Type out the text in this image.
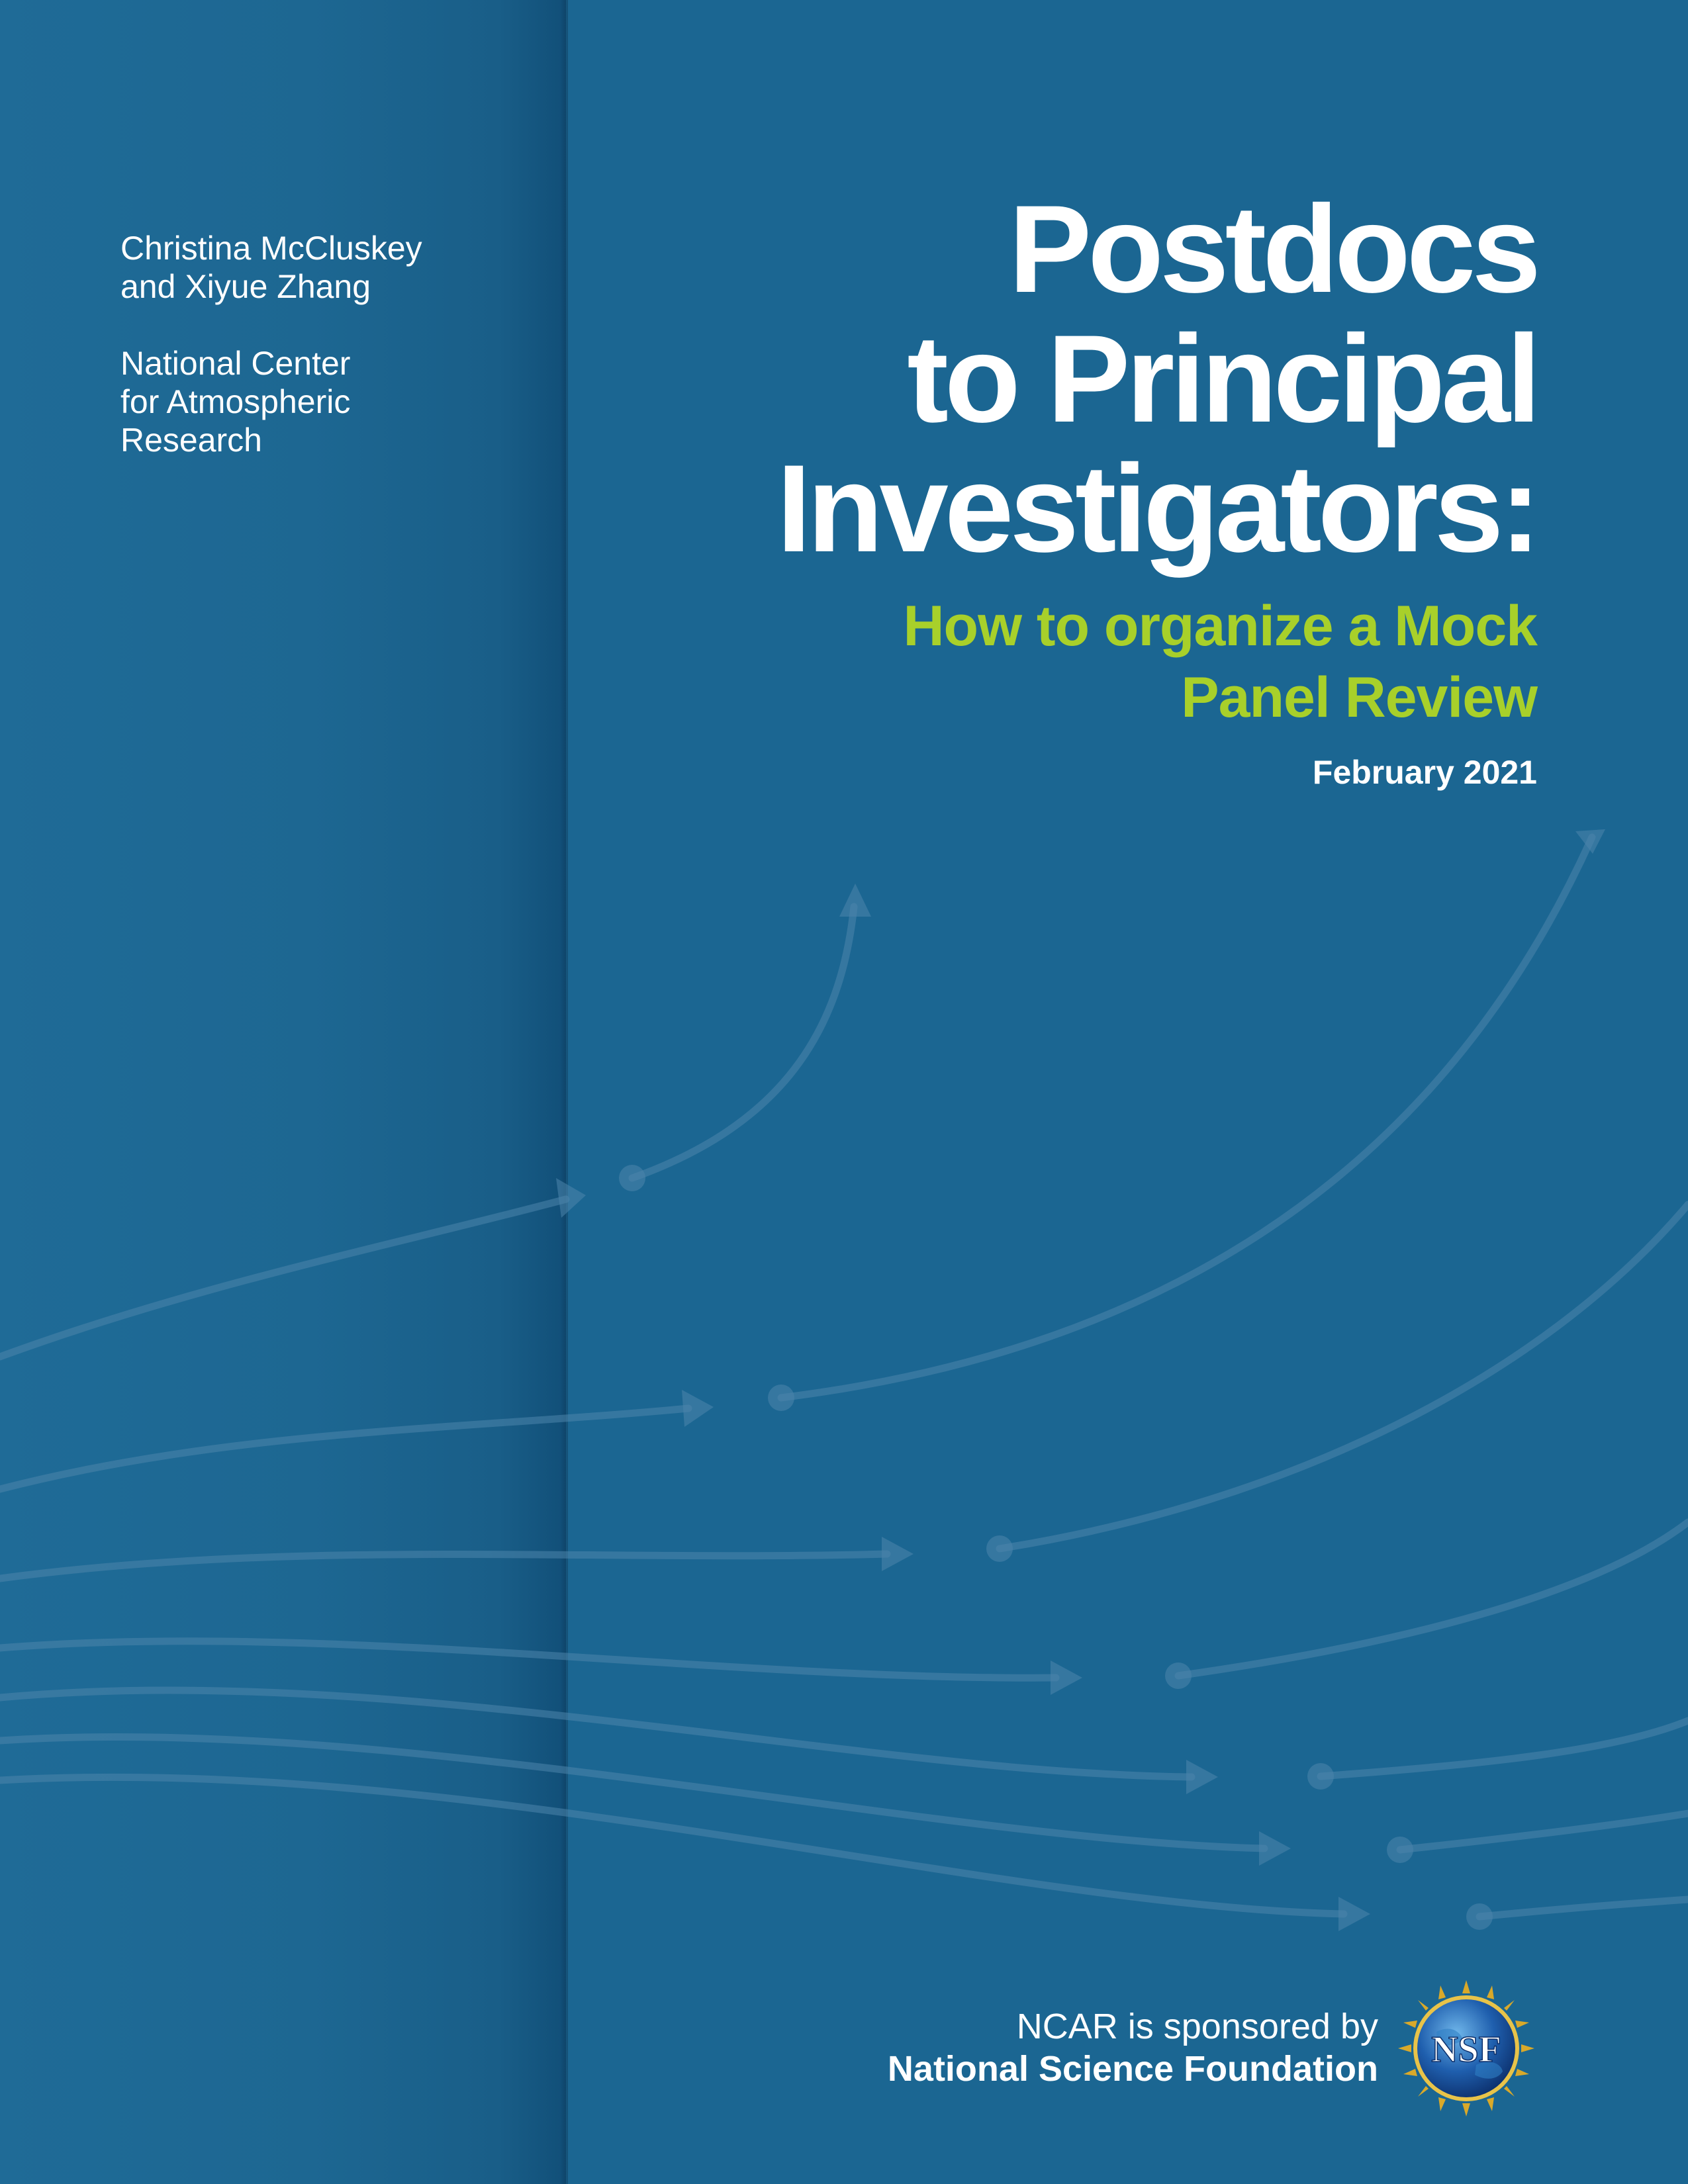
Christina McCluskey

and Xiyue Zhang

National Center

for Atmospheric

Research

Postdocs
to Principal
Investigators:
How to organize a Mock
Panel Review
February 2021
NCAR is sponsored by
National Science Foundation NSF
